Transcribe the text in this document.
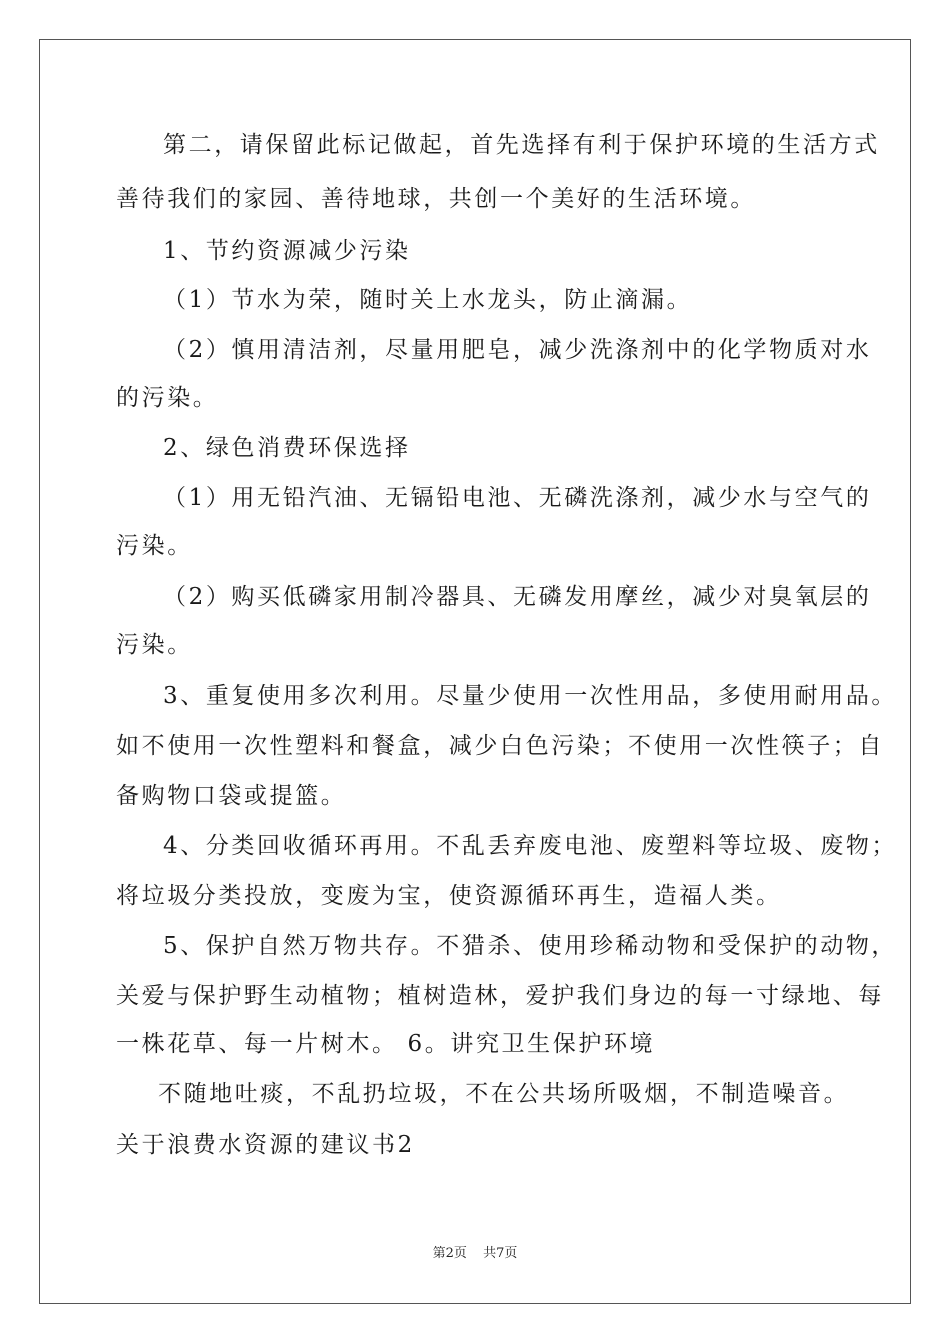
第二，请保留此标记做起，首先选择有利于保护环境的生活方式
善待我们的家园、善待地球，共创一个美好的生活环境。
1、节约资源减少污染
（1）节水为荣，随时关上水龙头，防止滴漏。
（2）慎用清洁剂，尽量用肥皂，减少洗涤剂中的化学物质对水
的污染。
2、绿色消费环保选择
（1）用无铅汽油、无镉铅电池、无磷洗涤剂，减少水与空气的
污染。
（2）购买低磷家用制冷器具、无磷发用摩丝，减少对臭氧层的
污染。
3、重复使用多次利用。尽量少使用一次性用品，多使用耐用品。
如不使用一次性塑料和餐盒，减少白色污染；不使用一次性筷子；自
备购物口袋或提篮。
4、分类回收循环再用。不乱丢弃废电池、废塑料等垃圾、废物；
将垃圾分类投放，变废为宝，使资源循环再生，造福人类。
5、保护自然万物共存。不猎杀、使用珍稀动物和受保护的动物，
关爱与保护野生动植物；植树造林，爱护我们身边的每一寸绿地、每
一株花草、每一片树木。 6。讲究卫生保护环境
不随地吐痰，不乱扔垃圾，不在公共场所吸烟，不制造噪音。
关于浪费水资源的建议书2
第2页 共7页
